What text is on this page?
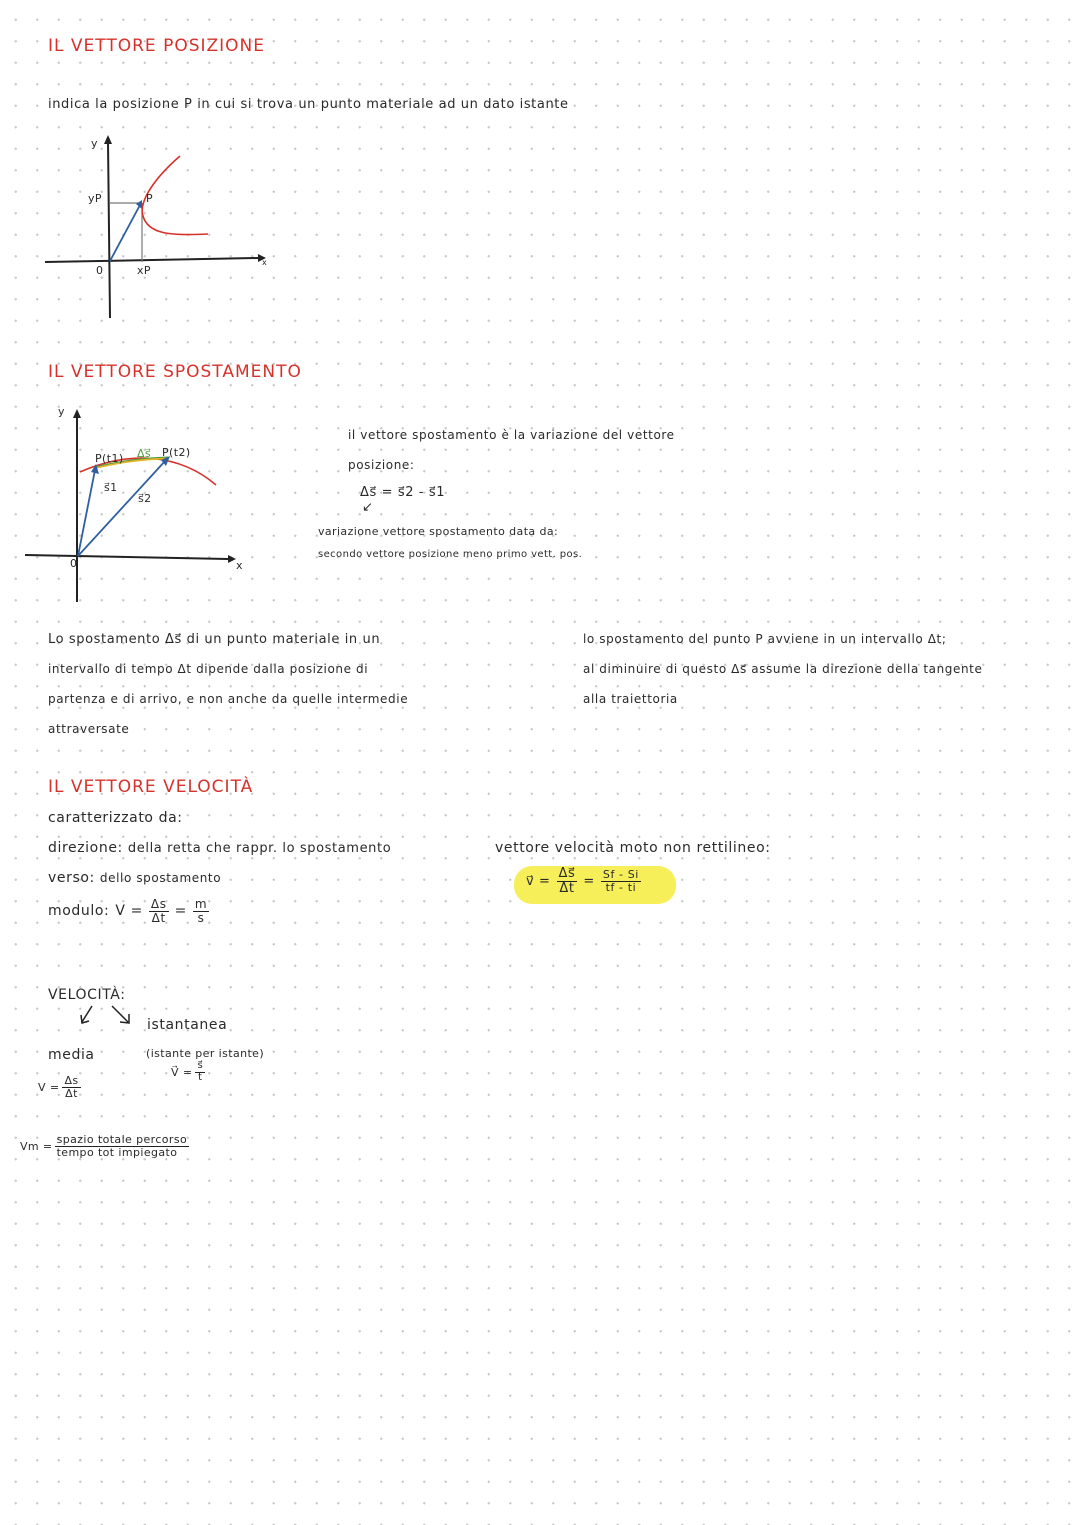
IL VETTORE POSIZIONE
indica la posizione P in cui si trova un punto materiale ad un dato istante
y
yP	P
0	xP
x
IL VETTORE SPOSTAMENTO
y
P(t1) Δs⃗ P(t2)
s⃗1
s⃗2
0	x
il vettore spostamento è la variazione del vettore
posizione:
Δs⃗ = s⃗2 - s⃗1
↙
variazione vettore spostamento data da:
secondo vettore posizione meno primo vett. pos.
Lo spostamento Δs⃗ di un punto materiale in un
intervallo di tempo Δt dipende dalla posizione di
partenza e di arrivo, e non anche da quelle intermedie
attraversate
lo spostamento del punto P avviene in un intervallo Δt;
al diminuire di questo Δs⃗ assume la direzione della tangente
alla traiettoria
IL VETTORE VELOCITÀ
caratterizzato da:
direzione: della retta che rappr. lo spostamento
verso: dello spostamento
modulo: $V = \frac{\Delta s}{\Delta t} = \frac{m}{s}$
vettore velocità moto non rettilineo:
v⃗ = $\frac{\Delta s⃗}{\Delta t} = \frac{Sf - Si}{tf - ti}$
VELOCITÀ:
istantanea
media	(istante per istante)
V⃗ = $\frac{s⃗}{t}$
$V = \frac{\Delta s}{\Delta t}$
$Vm = \frac{\text{spazio totale percorso}}{\text{tempo tot impiegato}}$
